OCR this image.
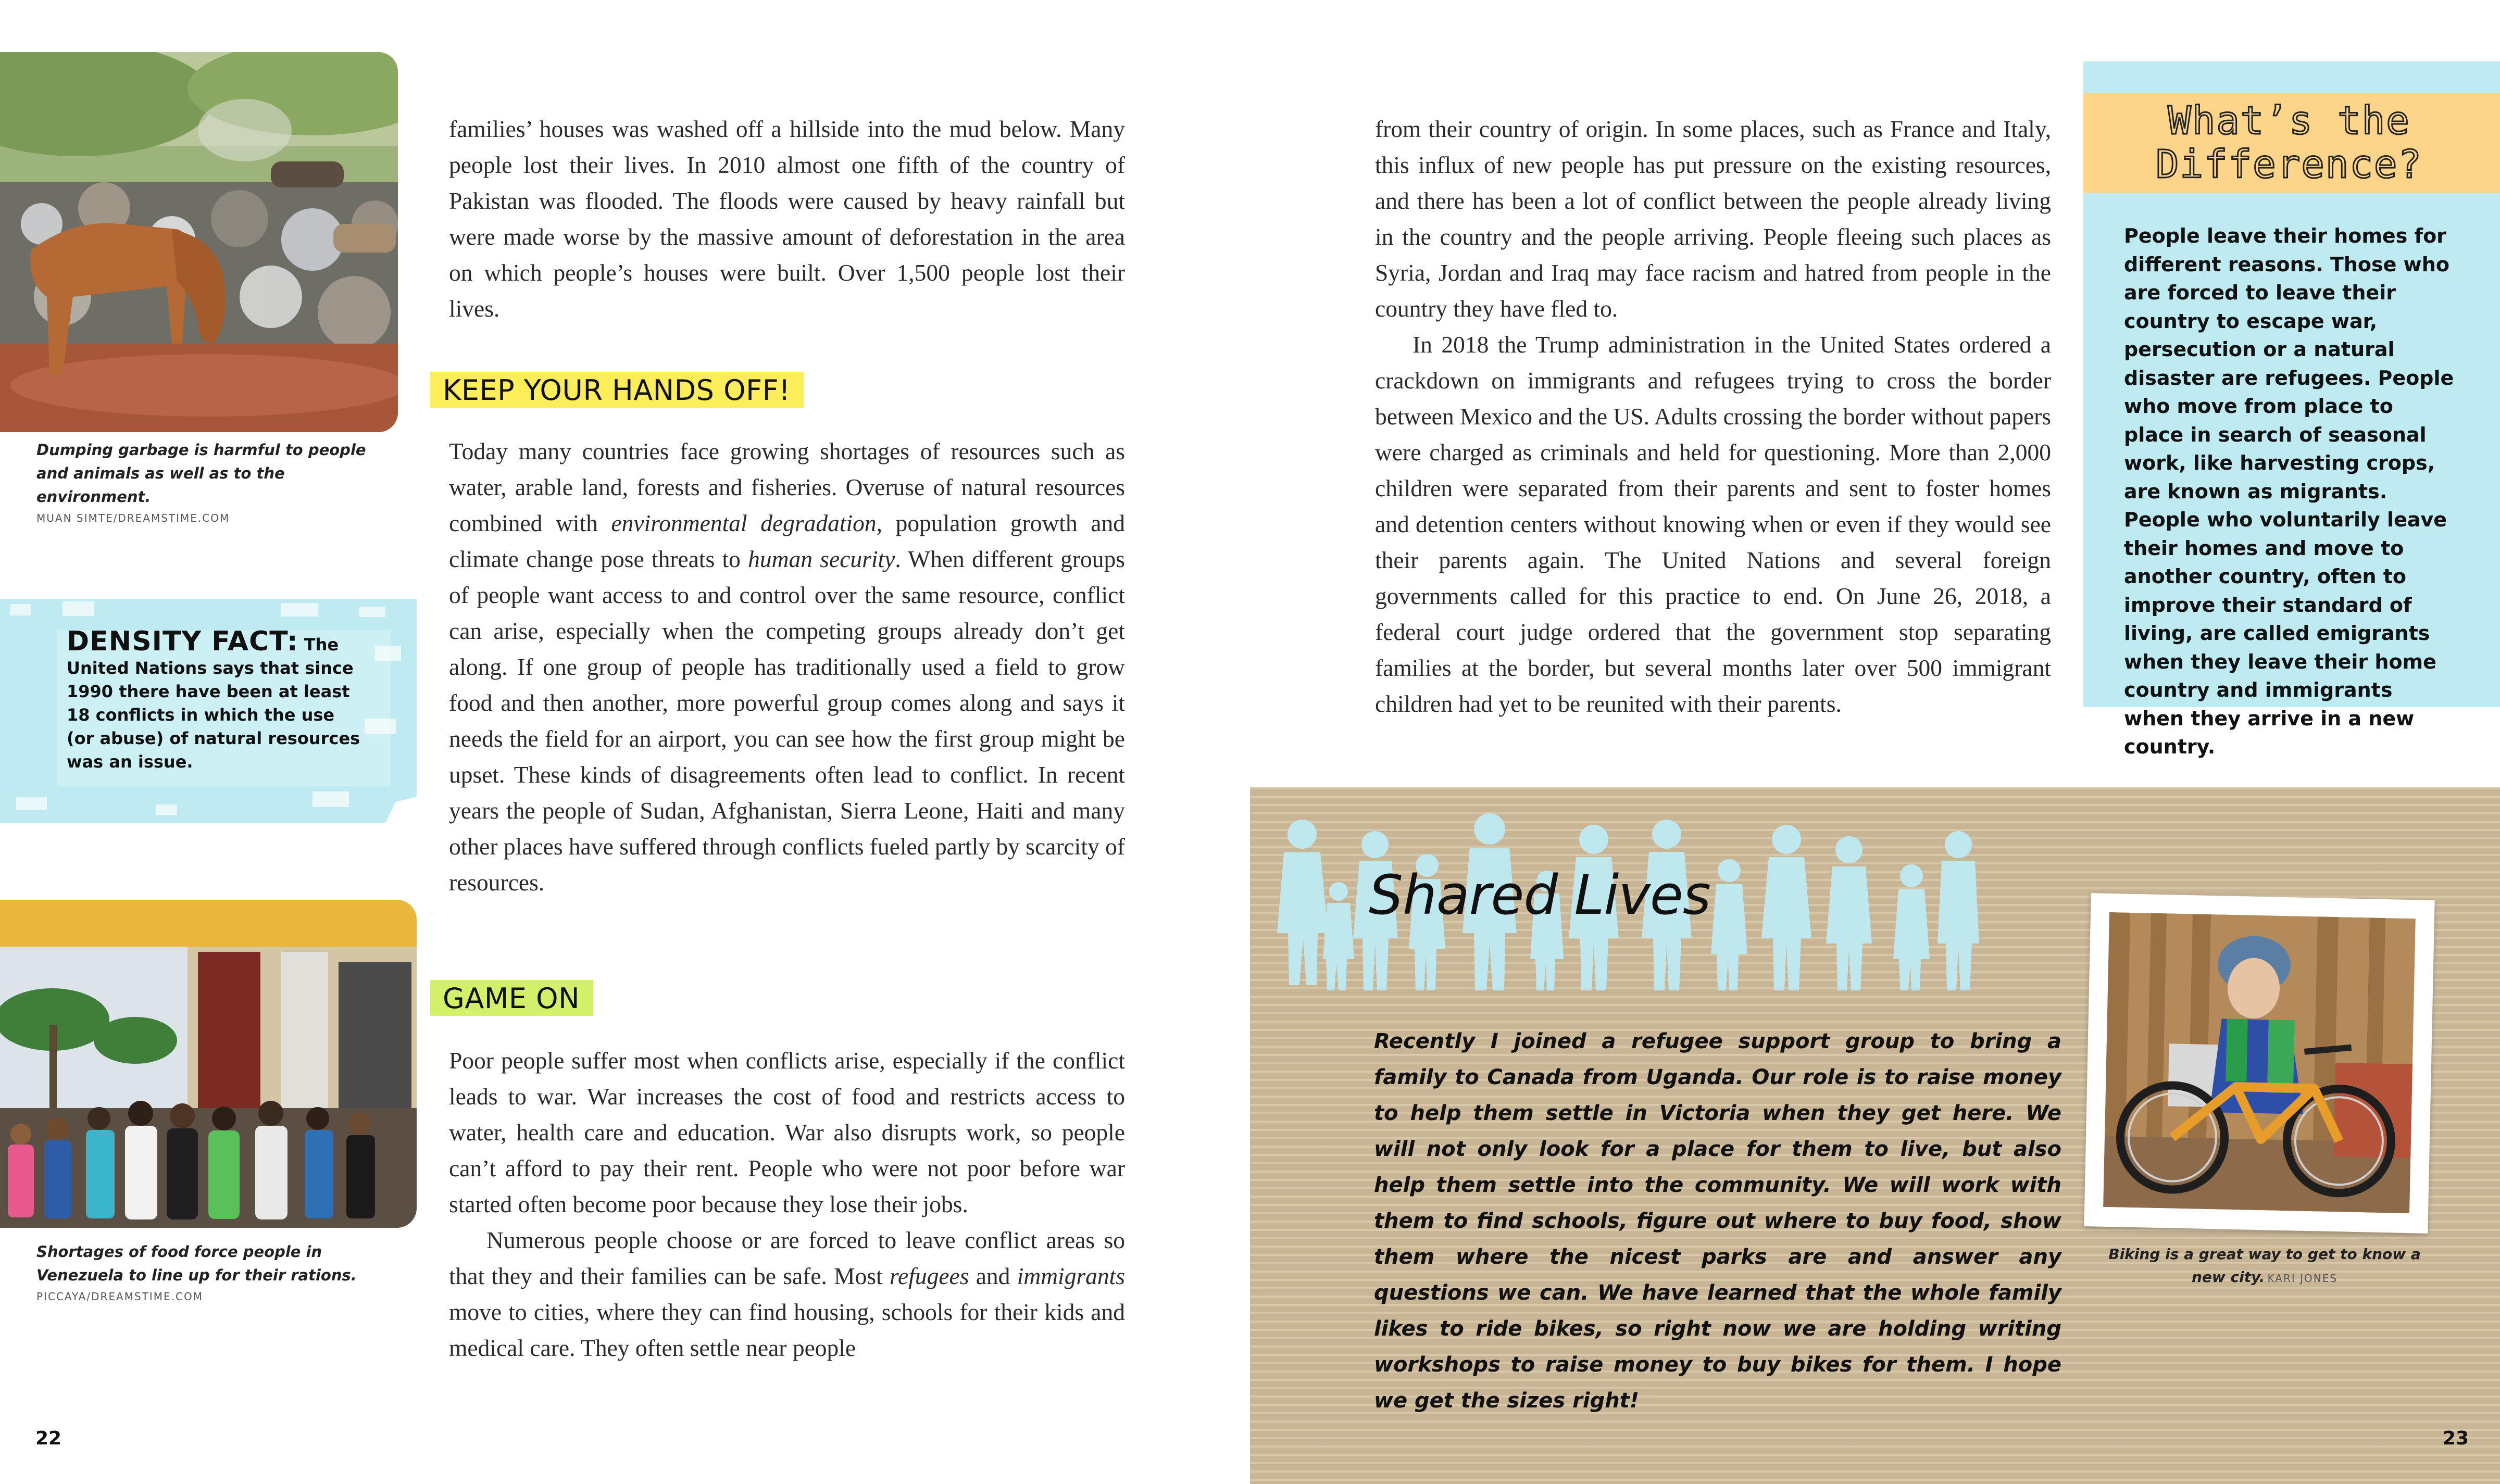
Dumping garbage is harmful to people and animals as well as to the environment.
MUAN SIMTE/DREAMSTIME.COM
DENSITY FACT: The United Nations says that since 1990 there have been at least 18 conflicts in which the use (or abuse) of natural resources was an issue.
Shortages of food force people in Venezuela to line up for their rations.
PICCAYA/DREAMSTIME.COM
22

families’ houses was washed off a hillside into the mud below. Many people lost their lives. In 2010 almost one fifth of the country of Pakistan was flooded. The floods were caused by heavy rainfall but were made worse by the massive amount of deforestation in the area on which people’s houses were built. Over 1,500 people lost their lives.

KEEP YOUR HANDS OFF!

Today many countries face growing shortages of resources such as water, arable land, forests and fisheries. Overuse of natural resources combined with environmental degradation, population growth and climate change pose threats to human security. When different groups of people want access to and control over the same resource, conflict can arise, especially when the competing groups already don’t get along. If one group of people has traditionally used a field to grow food and then another, more powerful group comes along and says it needs the field for an airport, you can see how the first group might be upset. These kinds of disagreements often lead to conflict. In recent years the people of Sudan, Afghanistan, Sierra Leone, Haiti and many other places have suffered through conflicts fueled partly by scarcity of resources.

GAME ON

Poor people suffer most when conflicts arise, especially if the conflict leads to war. War increases the cost of food and restricts access to water, health care and education. War also disrupts work, so people can’t afford to pay their rent. People who were not poor before war started often become poor because they lose their jobs.

Numerous people choose or are forced to leave conflict areas so that they and their families can be safe. Most refugees and immigrants move to cities, where they can find housing, schools for their kids and medical care. They often settle near people

from their country of origin. In some places, such as France and Italy, this influx of new people has put pressure on the existing resources, and there has been a lot of conflict between the people already living in the country and the people arriving. People fleeing such places as Syria, Jordan and Iraq may face racism and hatred from people in the country they have fled to.

In 2018 the Trump administration in the United States ordered a crackdown on immigrants and refugees trying to cross the border between Mexico and the US. Adults crossing the border without papers were charged as criminals and held for questioning. More than 2,000 children were separated from their parents and sent to foster homes and detention centers without knowing when or even if they would see their parents again. The United Nations and several foreign governments called for this practice to end. On June 26, 2018, a federal court judge ordered that the government stop separating families at the border, but several months later over 500 immigrant children had yet to be reunited with their parents.

What’s the
Difference?
People leave their homes for different reasons. Those who are forced to leave their country to escape war, persecution or a natural disaster are refugees. People who move from place to place in search of seasonal work, like harvesting crops, are known as migrants. People who voluntarily leave their homes and move to another country, often to improve their standard of living, are called emigrants when they leave their home country and immigrants when they arrive in a new country.
Shared Lives
Recently I joined a refugee support group to bring a family to Canada from Uganda. Our role is to raise money to help them settle in Victoria when they get here. We will not only look for a place for them to live, but also help them settle into the community. We will work with them to find schools, figure out where to buy food, show them where the nicest parks are and answer any questions we can. We have learned that the whole family likes to ride bikes, so right now we are holding writing workshops to raise money to buy bikes for them. I hope we get the sizes right!
Biking is a great way to get to know a new city. KARI JONES
23
